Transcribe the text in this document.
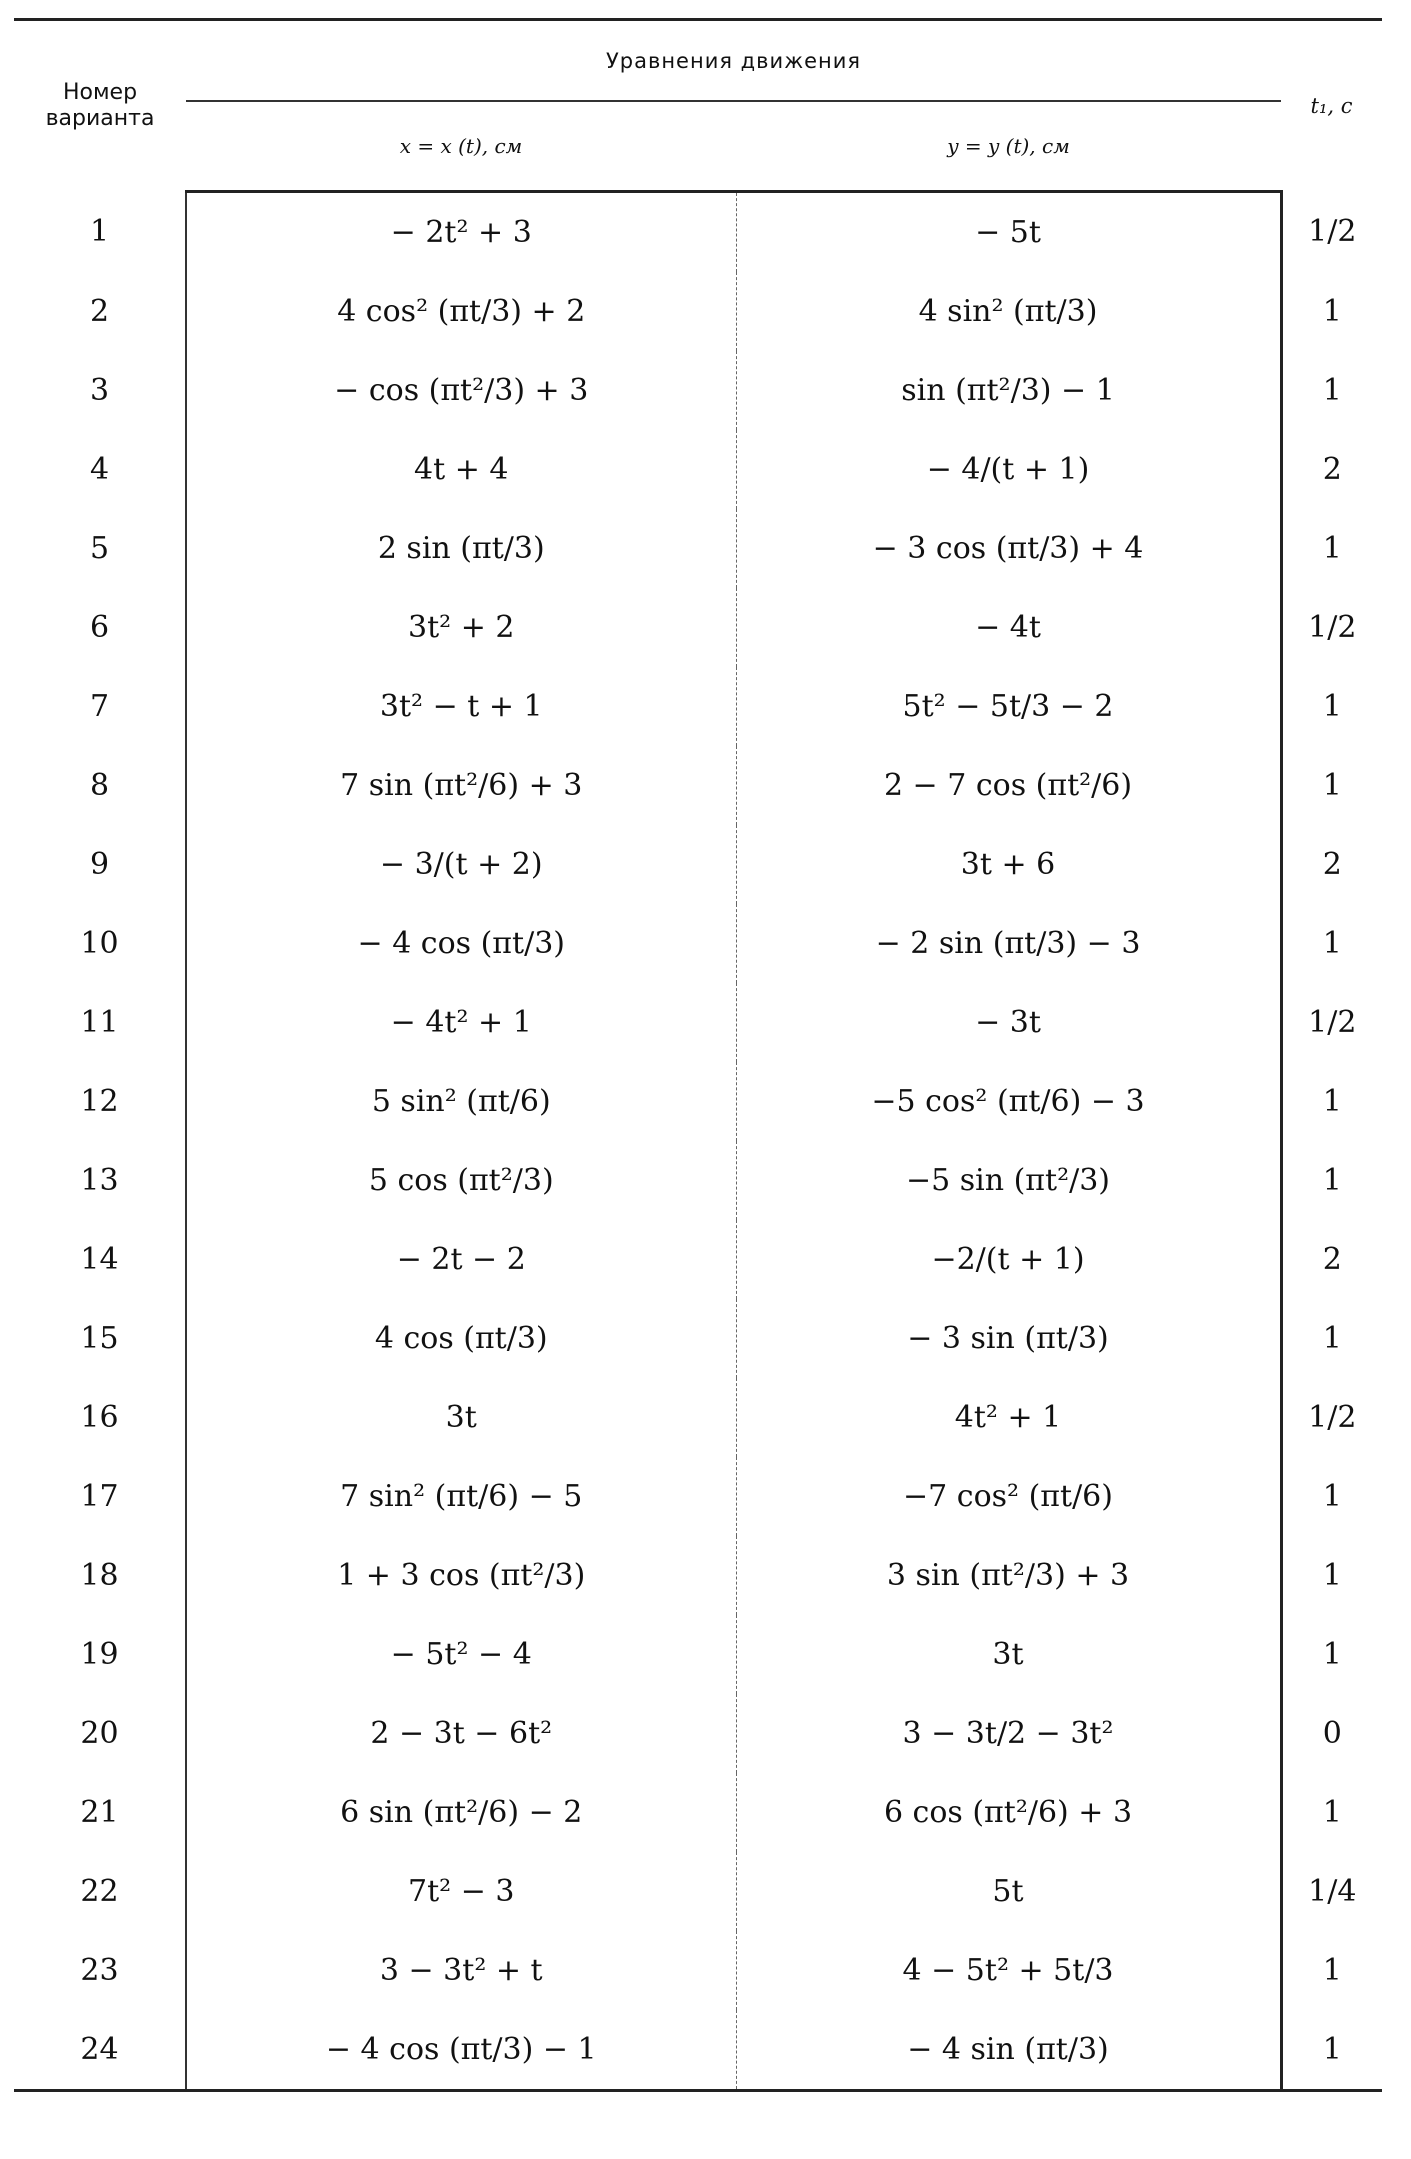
Номер варианта	Уравнения движения		t₁, с
	x = x (t), см	y = y (t), см	
1	− 2t² + 3	− 5t	1/2
2	4 cos² (πt/3) + 2	4 sin² (πt/3)	1
3	− cos (πt²/3) + 3	sin (πt²/3) − 1	1
4	4t + 4	− 4/(t + 1)	2
5	2 sin (πt/3)	− 3 cos (πt/3) + 4	1
6	3t² + 2	− 4t	1/2
7	3t² − t + 1	5t² − 5t/3 − 2	1
8	7 sin (πt²/6) + 3	2 − 7 cos (πt²/6)	1
9	− 3/(t + 2)	3t + 6	2
10	− 4 cos (πt/3)	− 2 sin (πt/3) − 3	1
11	− 4t² + 1	− 3t	1/2
12	5 sin² (πt/6)	−5 cos² (πt/6) − 3	1
13	5 cos (πt²/3)	−5 sin (πt²/3)	1
14	− 2t − 2	−2/(t + 1)	2
15	4 cos (πt/3)	− 3 sin (πt/3)	1
16	3t	4t² + 1	1/2
17	7 sin² (πt/6) − 5	−7 cos² (πt/6)	1
18	1 + 3 cos (πt²/3)	3 sin (πt²/3) + 3	1
19	− 5t² − 4	3t	1
20	2 − 3t − 6t²	3 − 3t/2 − 3t²	0
21	6 sin (πt²/6) − 2	6 cos (πt²/6) + 3	1
22	7t² − 3	5t	1/4
23	3 − 3t² + t	4 − 5t² + 5t/3	1
24	− 4 cos (πt/3) − 1	− 4 sin (πt/3)	1
